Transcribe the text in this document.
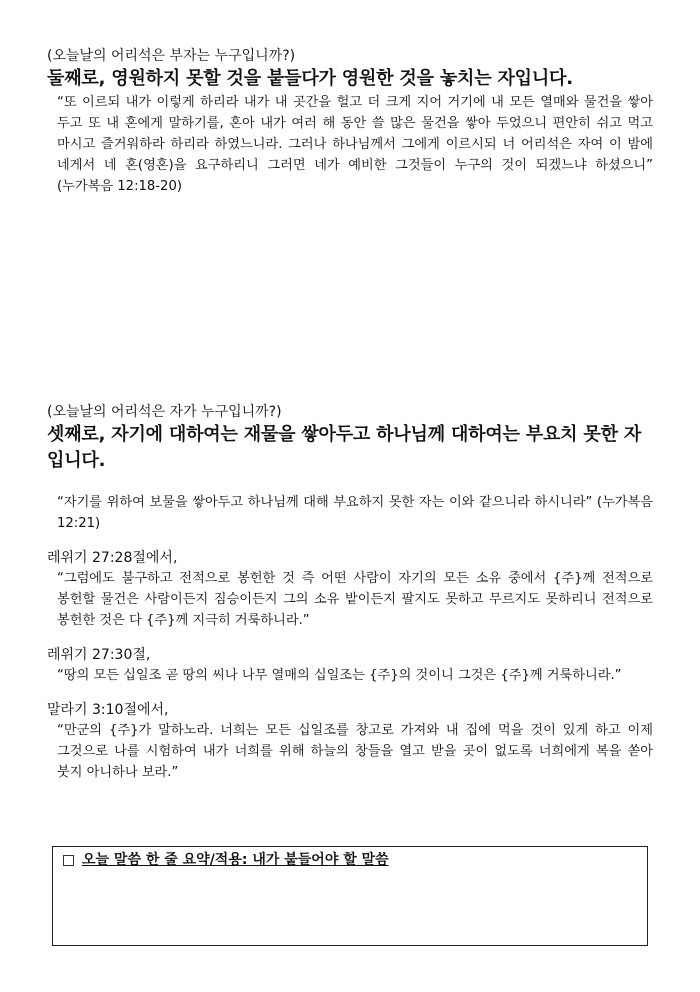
(오늘날의 어리석은 부자는 누구입니까?)
둘째로, 영원하지 못할 것을 붙들다가 영원한 것을 놓치는 자입니다.
“또 이르되 내가 이렇게 하리라 내가 내 곳간을 헐고 더 크게 지어 거기에 내 모든 열매와 물건을 쌓아 두고 또 내 혼에게 말하기를, 혼아 내가 여러 해 동안 쓸 많은 물건을 쌓아 두었으니 편안히 쉬고 먹고 마시고 즐거워하라 하리라 하였느니라. 그러나 하나님께서 그에게 이르시되 너 어리석은 자여 이 밤에 네게서 네 혼(영혼)을 요구하리니 그러면 네가 예비한 그것들이 누구의 것이 되겠느냐 하셨으니” (누가복음 12:18-20)
(오늘날의 어리석은 자가 누구입니까?)
셋째로, 자기에 대하여는 재물을 쌓아두고 하나님께 대하여는 부요치 못한 자입니다.
“자기를 위하여 보물을 쌓아두고 하나님께 대해 부요하지 못한 자는 이와 같으니라 하시니라” (누가복음 12:21)
레위기 27:28절에서,
“그럼에도 불구하고 전적으로 봉헌한 것 즉 어떤 사람이 자기의 모든 소유 중에서 {주}께 전적으로 봉헌할 물건은 사람이든지 짐승이든지 그의 소유 밭이든지 팔지도 못하고 무르지도 못하리니 전적으로 봉헌한 것은 다 {주}께 지극히 거룩하니라.”
레위기 27:30절,
“땅의 모든 십일조 곧 땅의 씨나 나무 열매의 십일조는 {주}의 것이니 그것은 {주}께 거룩하니라.”
말라기 3:10절에서,
“만군의 {주}가 말하노라. 너희는 모든 십일조를 창고로 가져와 내 집에 먹을 것이 있게 하고 이제 그것으로 나를 시험하여 내가 너희를 위해 하늘의 창들을 열고 받을 곳이 없도록 너희에게 복을 쏟아 붓지 아니하나 보라.”
오늘 말씀 한 줄 요약/적용: 내가 붙들어야 할 말씀
